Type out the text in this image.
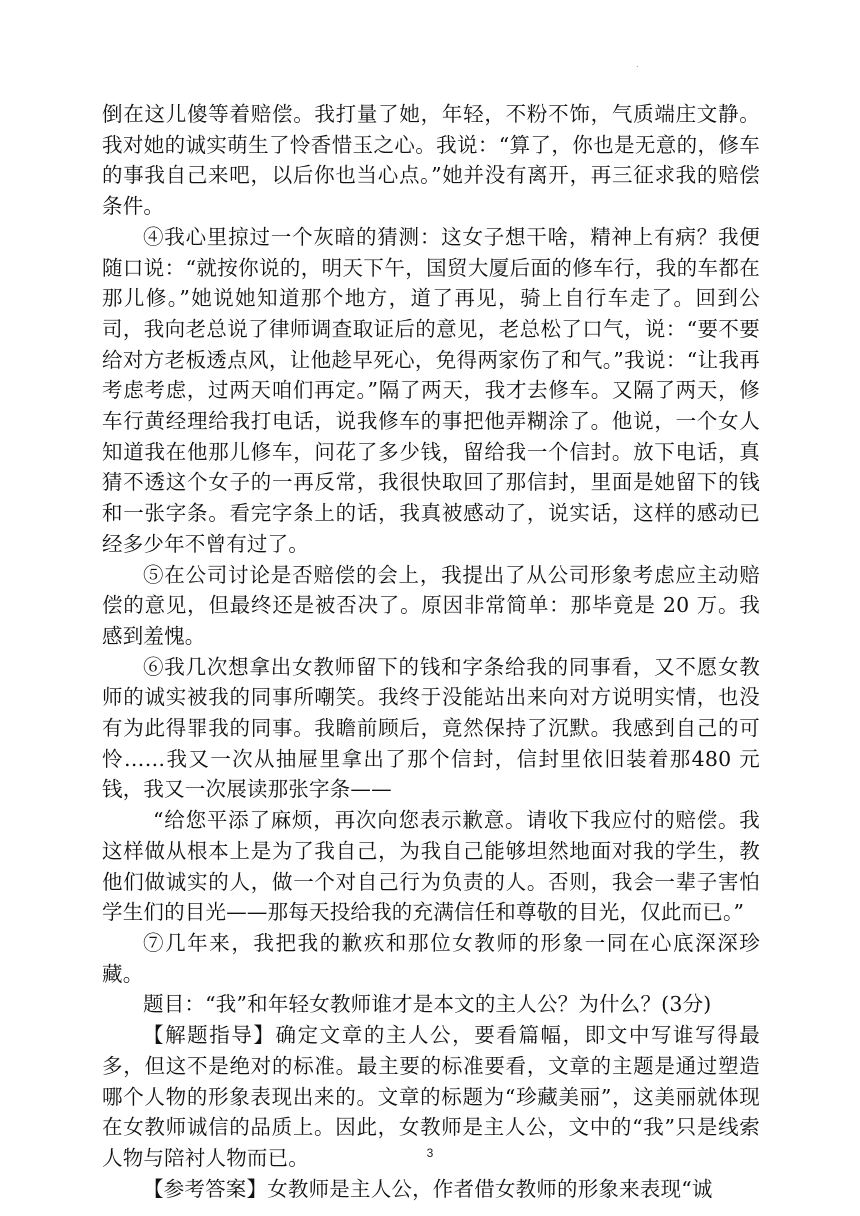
.

倒在这儿傻等着赔偿。我打量了她，年轻，不粉不饰，气质端庄文静。我对她的诚实萌生了怜香惜玉之心。我说：“算了，你也是无意的，修车的事我自己来吧，以后你也当心点。”她并没有离开，再三征求我的赔偿条件。

④我心里掠过一个灰暗的猜测：这女子想干啥，精神上有病？我便随口说：“就按你说的，明天下午，国贸大厦后面的修车行，我的车都在那儿修。”她说她知道那个地方，道了再见，骑上自行车走了。回到公司，我向老总说了律师调查取证后的意见，老总松了口气，说：“要不要给对方老板透点风，让他趁早死心，免得两家伤了和气。”我说：“让我再考虑考虑，过两天咱们再定。”隔了两天，我才去修车。又隔了两天，修车行黄经理给我打电话，说我修车的事把他弄糊涂了。他说，一个女人知道我在他那儿修车，问花了多少钱，留给我一个信封。放下电话，真猜不透这个女子的一再反常，我很快取回了那信封，里面是她留下的钱和一张字条。看完字条上的话，我真被感动了，说实话，这样的感动已经多少年不曾有过了。

⑤在公司讨论是否赔偿的会上，我提出了从公司形象考虑应主动赔偿的意见，但最终还是被否决了。原因非常简单：那毕竟是 20 万。我感到羞愧。

⑥我几次想拿出女教师留下的钱和字条给我的同事看，又不愿女教师的诚实被我的同事所嘲笑。我终于没能站出来向对方说明实情，也没有为此得罪我的同事。我瞻前顾后，竟然保持了沉默。我感到自己的可怜……我又一次从抽屉里拿出了那个信封，信封里依旧装着那480 元钱，我又一次展读那张字条——

“给您平添了麻烦，再次向您表示歉意。请收下我应付的赔偿。我这样做从根本上是为了我自己，为我自己能够坦然地面对我的学生，教他们做诚实的人，做一个对自己行为负责的人。否则，我会一辈子害怕学生们的目光——那每天投给我的充满信任和尊敬的目光，仅此而已。”

⑦几年来，我把我的歉疚和那位女教师的形象一同在心底深深珍藏。

题目：“我”和年轻女教师谁才是本文的主人公？为什么？(3分)

【解题指导】确定文章的主人公，要看篇幅，即文中写谁写得最多，但这不是绝对的标准。最主要的标准要看，文章的主题是通过塑造哪个人物的形象表现出来的。文章的标题为“珍藏美丽”，这美丽就体现在女教师诚信的品质上。因此，女教师是主人公，文中的“我”只是线索人物与陪衬人物而已。

【参考答案】女教师是主人公，作者借女教师的形象来表现“诚

3
